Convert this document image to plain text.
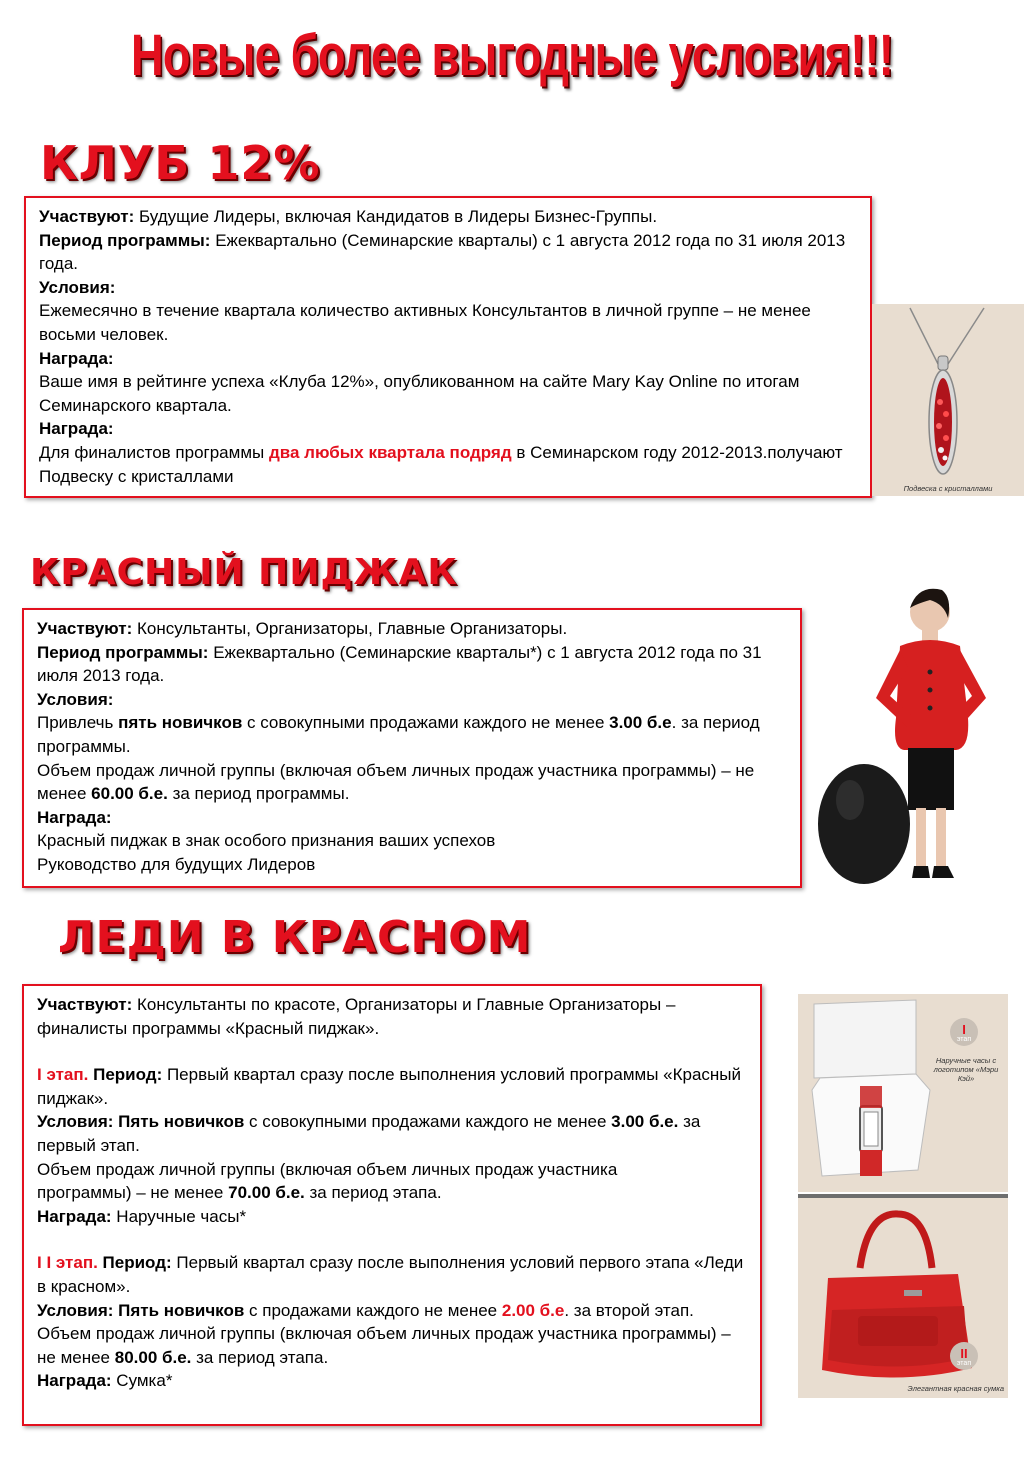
Новые более выгодные условия!!!
КЛУБ 12%

Участвуют: Будущие Лидеры, включая Кандидатов в Лидеры Бизнес-Группы.

Период программы: Ежеквартально (Семинарские кварталы) с 1 августа 2012 года по 31 июля 2013 года.

Условия:

Ежемесячно в течение квартала количество активных Консультантов в личной группе – не менее восьми человек.

Награда:

Ваше имя в рейтинге успеха «Клуба 12%», опубликованном на сайте Mary Kay Online по итогам Семинарского квартала.

Награда:

Для финалистов программы два любых квартала подряд в Семинарском году 2012-2013.получают Подвеску с кристаллами

Подвеска с кристаллами
КРАСНЫЙ ПИДЖАК

Участвуют: Консультанты, Организаторы, Главные Организаторы.

Период программы: Ежеквартально (Семинарские кварталы*) с 1 августа 2012 года по 31 июля 2013 года.

Условия:

Привлечь пять новичков с совокупными продажами каждого не менее 3.00 б.е. за период программы.

Объем продаж личной группы (включая объем личных продаж участника программы) – не менее 60.00 б.е. за период программы.

Награда:

Красный пиджак в знак особого признания ваших успехов

Руководство для будущих Лидеров

ЛЕДИ В КРАСНОМ

Участвуют: Консультанты по красоте, Организаторы и Главные Организаторы – финалисты программы «Красный пиджак».

I этап. Период: Первый квартал сразу после выполнения условий программы «Красный пиджак».

Условия: Пять новичков с совокупными продажами каждого не менее 3.00 б.е. за первый этап.

Объем продаж личной группы (включая объем личных продаж участника программы) – не менее 70.00 б.е. за период этапа.

Награда: Наручные часы*

I I этап. Период: Первый квартал сразу после выполнения условий первого этапа «Леди в красном».

Условия: Пять новичков с продажами каждого не менее 2.00 б.е. за второй этап.

Объем продаж личной группы (включая объем личных продаж участника программы) – не менее 80.00 б.е. за период этапа.

Награда: Сумка*

I
этап
Наручные часы с логотипом «Мэри Кэй»
II
этап
Элегантная красная сумка
